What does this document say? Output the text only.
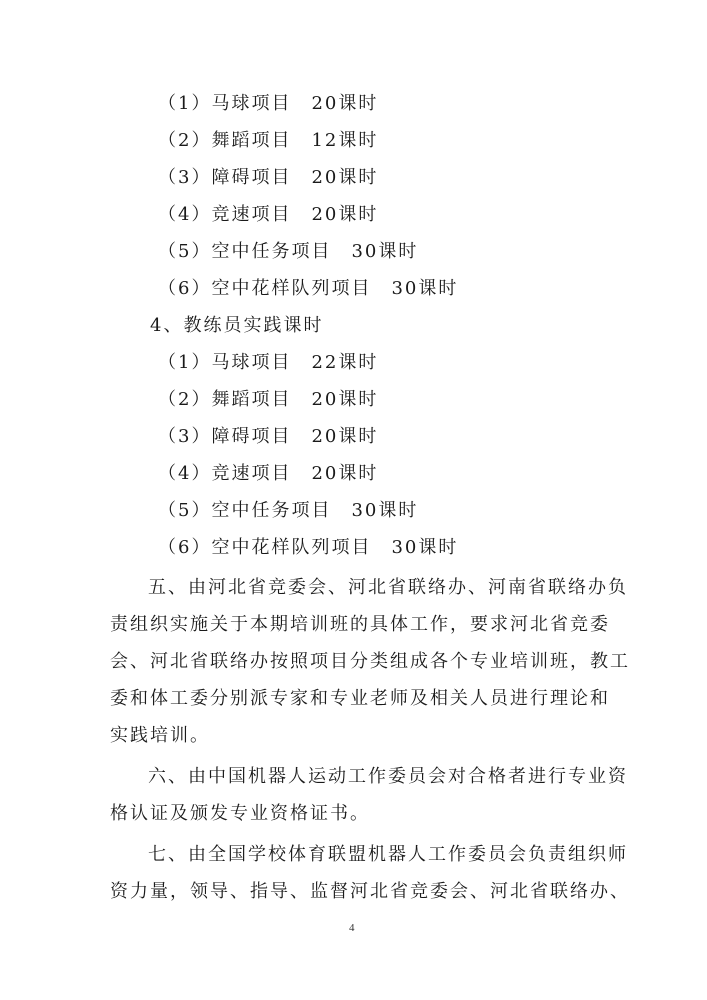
（1）马球项目　20课时
（2）舞蹈项目　12课时
（3）障碍项目　20课时
（4）竞速项目　20课时
（5）空中任务项目　30课时
（6）空中花样队列项目　30课时
4、教练员实践课时
（1）马球项目　22课时
（2）舞蹈项目　20课时
（3）障碍项目　20课时
（4）竞速项目　20课时
（5）空中任务项目　30课时
（6）空中花样队列项目　30课时
五、由河北省竞委会、河北省联络办、河南省联络办负
责组织实施关于本期培训班的具体工作，要求河北省竞委
会、河北省联络办按照项目分类组成各个专业培训班，教工
委和体工委分别派专家和专业老师及相关人员进行理论和
实践培训。
六、由中国机器人运动工作委员会对合格者进行专业资
格认证及颁发专业资格证书。
七、由全国学校体育联盟机器人工作委员会负责组织师
资力量，领导、指导、监督河北省竞委会、河北省联络办、
4
